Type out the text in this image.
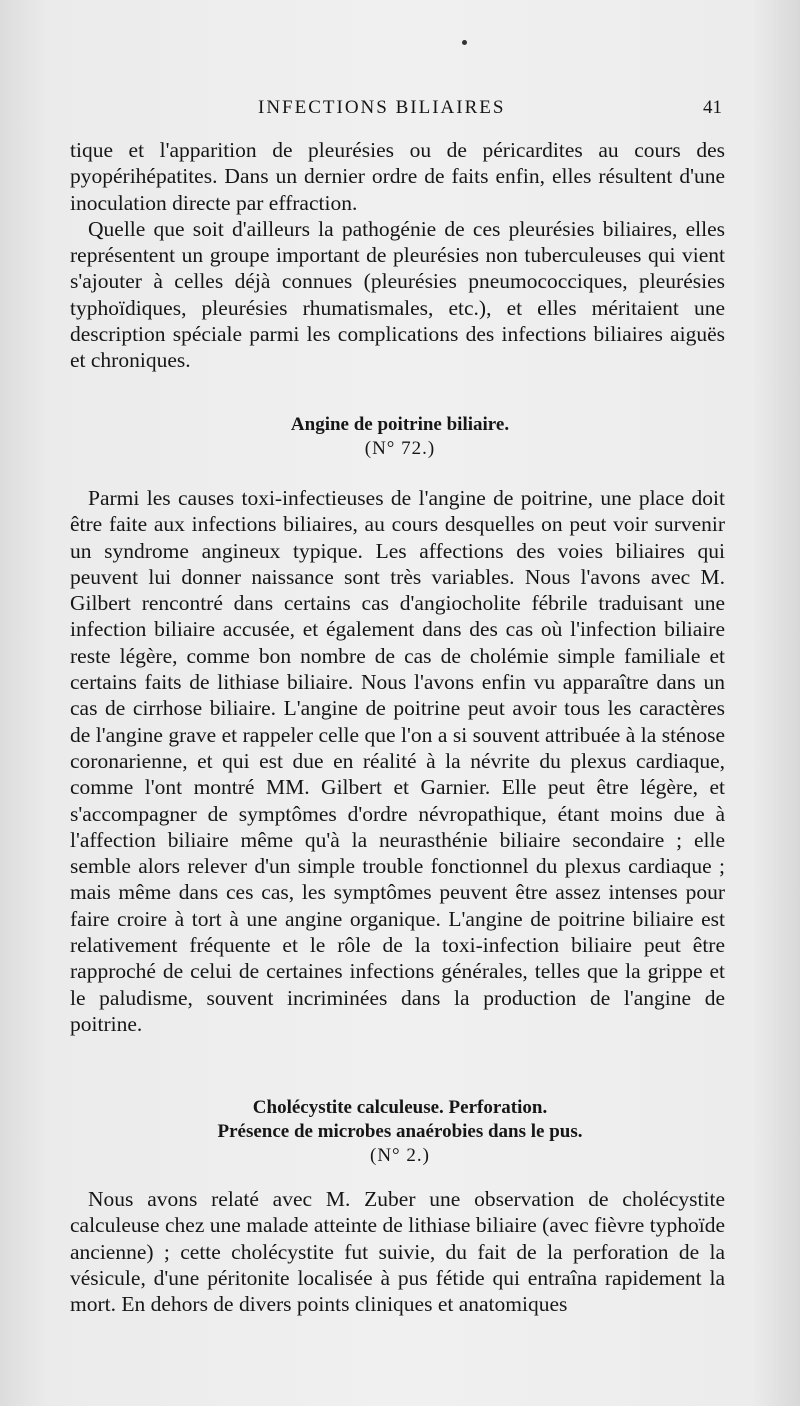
INFECTIONS BILIAIRES	41

tique et l'apparition de pleurésies ou de péricardites au cours des pyopérihépatites. Dans un dernier ordre de faits enfin, elles résultent d'une inoculation directe par effraction.

Quelle que soit d'ailleurs la pathogénie de ces pleurésies biliaires, elles représentent un groupe important de pleurésies non tuberculeuses qui vient s'ajouter à celles déjà connues (pleurésies pneumococciques, pleurésies typhoïdiques, pleurésies rhumatismales, etc.), et elles méritaient une description spéciale parmi les complications des infections biliaires aiguës et chroniques.

Angine de poitrine biliaire.
(N° 72.)

Parmi les causes toxi-infectieuses de l'angine de poitrine, une place doit être faite aux infections biliaires, au cours desquelles on peut voir survenir un syndrome angineux typique. Les affections des voies biliaires qui peuvent lui donner naissance sont très variables. Nous l'avons avec M. Gilbert rencontré dans certains cas d'angiocholite fébrile traduisant une infection biliaire accusée, et également dans des cas où l'infection biliaire reste légère, comme bon nombre de cas de cholémie simple familiale et certains faits de lithiase biliaire. Nous l'avons enfin vu apparaître dans un cas de cirrhose biliaire. L'angine de poitrine peut avoir tous les caractères de l'angine grave et rappeler celle que l'on a si souvent attribuée à la sténose coronarienne, et qui est due en réalité à la névrite du plexus cardiaque, comme l'ont montré MM. Gilbert et Garnier. Elle peut être légère, et s'accompagner de symptômes d'ordre névropathique, étant moins due à l'affection biliaire même qu'à la neurasthénie biliaire secondaire ; elle semble alors relever d'un simple trouble fonctionnel du plexus cardiaque ; mais même dans ces cas, les symptômes peuvent être assez intenses pour faire croire à tort à une angine organique. L'angine de poitrine biliaire est relativement fréquente et le rôle de la toxi-infection biliaire peut être rapproché de celui de certaines infections générales, telles que la grippe et le paludisme, souvent incriminées dans la production de l'angine de poitrine.

Cholécystite calculeuse. Perforation.
Présence de microbes anaérobies dans le pus.
(N° 2.)

Nous avons relaté avec M. Zuber une observation de cholécystite calculeuse chez une malade atteinte de lithiase biliaire (avec fièvre typhoïde ancienne) ; cette cholécystite fut suivie, du fait de la perforation de la vésicule, d'une péritonite localisée à pus fétide qui entraîna rapidement la mort. En dehors de divers points cliniques et anatomiques
